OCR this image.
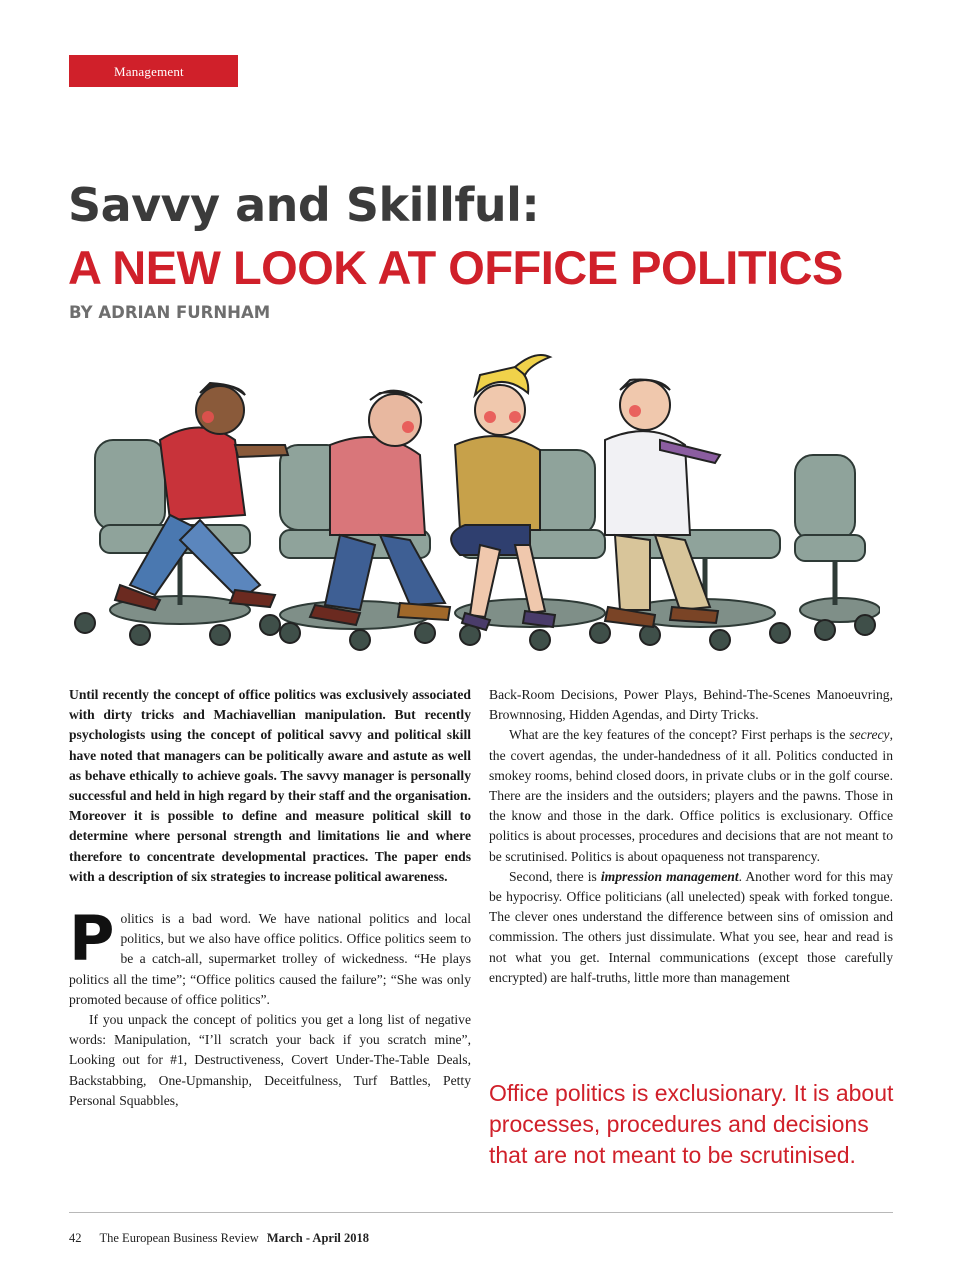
Management
Savvy and Skillful:
A NEW LOOK AT OFFICE POLITICS
BY ADRIAN FURNHAM

Until recently the concept of office politics was exclusively associated with dirty tricks and Machiavellian manipulation. But recently psychologists using the concept of political savvy and political skill have noted that managers can be politically aware and astute as well as behave ethically to achieve goals. The savvy manager is personally successful and held in high regard by their staff and the organisation. Moreover it is possible to define and measure political skill to determine where personal strength and limitations lie and where therefore to concentrate developmental practices. The paper ends with a description of six strategies to increase political awareness.

Politics is a bad word. We have national politics and local politics, but we also have office politics. Office politics seem to be a catch-all, supermarket trolley of wickedness. “He plays politics all the time”; “Office politics caused the failure”; “She was only promoted because of office politics”.

If you unpack the concept of politics you get a long list of negative words: Manipulation, “I’ll scratch your back if you scratch mine”, Looking out for #1, Destructiveness, Covert Under-The-Table Deals, Backstabbing, One-Upmanship, Deceitfulness, Turf Battles, Petty Personal Squabbles,

Back-Room Decisions, Power Plays, Behind-The-Scenes Manoeuvring, Brownnosing, Hidden Agendas, and Dirty Tricks.

What are the key features of the concept? First perhaps is the secrecy, the covert agendas, the under-handedness of it all. Politics conducted in smokey rooms, behind closed doors, in private clubs or in the golf course. There are the insiders and the outsiders; players and the pawns. Those in the know and those in the dark. Office politics is exclusionary. Office politics is about processes, procedures and decisions that are not meant to be scrutinised. Politics is about opaqueness not transparency.

Second, there is impression management. Another word for this may be hypocrisy. Office politicians (all unelected) speak with forked tongue. The clever ones understand the difference between sins of omission and commission. The others just dissimulate. What you see, hear and read is not what you get. Internal communications (except those carefully encrypted) are half-truths, little more than management

Office politics is exclusionary. It is about processes, procedures and decisions that are not meant to be scrutinised.
42 The European Business Review March - April 2018
